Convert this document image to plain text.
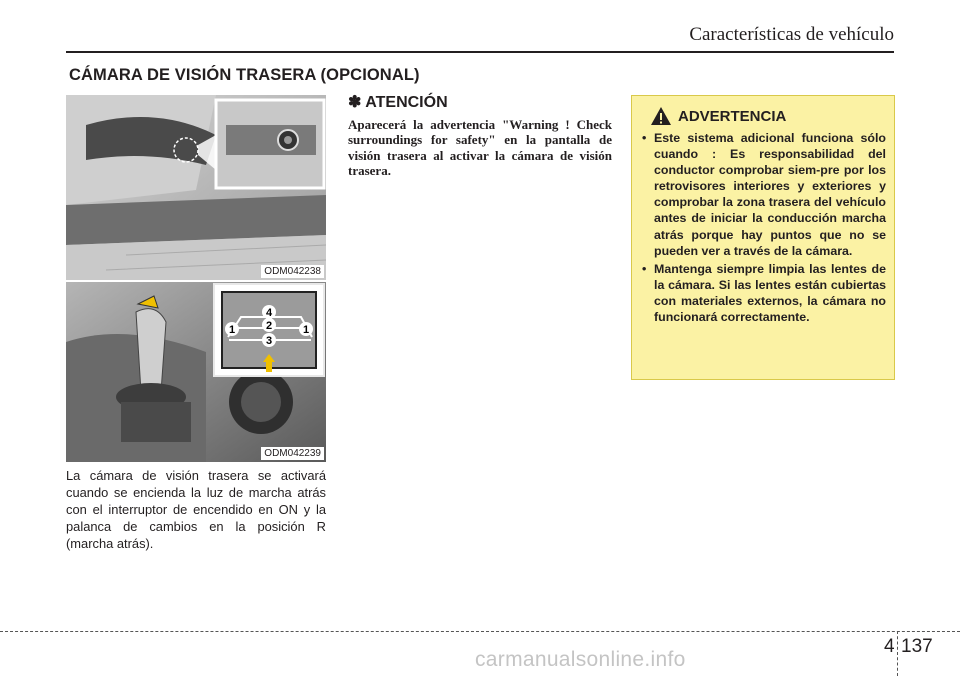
Características de vehículo
CÁMARA DE VISIÓN TRASERA (OPCIONAL)
ODM042238
1	2
3
4
1
ODM042239
La cámara de visión trasera se activará cuando se encienda la luz de marcha atrás con el interruptor de encendido en ON y la palanca de cambios en la posición R (marcha atrás).
✽ ATENCIÓN
Aparecerá la advertencia "Warning ! Check surroundings for safety" en la pantalla de visión trasera al activar la cámara de visión trasera.
ADVERTENCIA
• Este sistema adicional funciona sólo cuando : Es responsabilidad del conductor comprobar siem-pre por los retrovisores interiores y exteriores y comprobar la zona trasera del vehículo antes de iniciar la conducción marcha atrás porque hay puntos que no se pueden ver a través de la cámara.
• Mantenga siempre limpia las lentes de la cámara. Si las lentes están cubiertas con materiales externos, la cámara no funcionará correctamente.
4 137
carmanualsonline.info
